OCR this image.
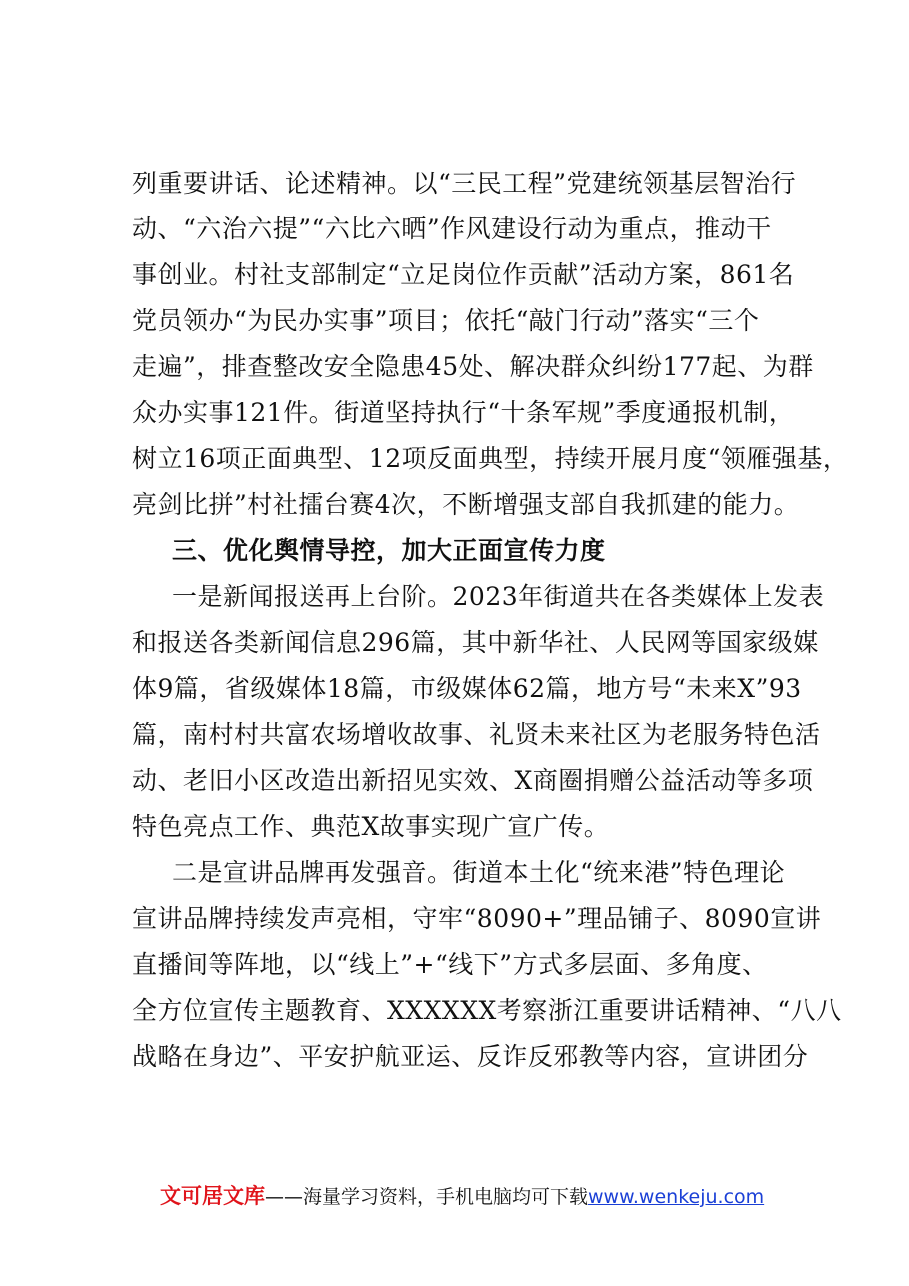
列重要讲话、论述精神。以“三民工程”党建统领基层智治行
动、“六治六提”“六比六晒”作风建设行动为重点，推动干
事创业。村社支部制定“立足岗位作贡献”活动方案，861名
党员领办“为民办实事”项目；依托“敲门行动”落实“三个
走遍”，排查整改安全隐患45处、解决群众纠纷177起、为群
众办实事121件。街道坚持执行“十条军规”季度通报机制，
树立16项正面典型、12项反面典型，持续开展月度“领雁强基，
亮剑比拼”村社擂台赛4次，不断增强支部自我抓建的能力。
三、优化舆情导控，加大正面宣传力度
一是新闻报送再上台阶。2023年街道共在各类媒体上发表
和报送各类新闻信息296篇，其中新华社、人民网等国家级媒
体9篇，省级媒体18篇，市级媒体62篇，地方号“未来X”93
篇，南村村共富农场增收故事、礼贤未来社区为老服务特色活
动、老旧小区改造出新招见实效、X商圈捐赠公益活动等多项
特色亮点工作、典范X故事实现广宣广传。
二是宣讲品牌再发强音。街道本土化“统来港”特色理论
宣讲品牌持续发声亮相，守牢“8090+”理品铺子、8090宣讲
直播间等阵地，以“线上”+“线下”方式多层面、多角度、
全方位宣传主题教育、XXXXXX考察浙江重要讲话精神、“八八
战略在身边”、平安护航亚运、反诈反邪教等内容，宣讲团分
文可居文库——海量学习资料，手机电脑均可下载www.wenkeju.com
